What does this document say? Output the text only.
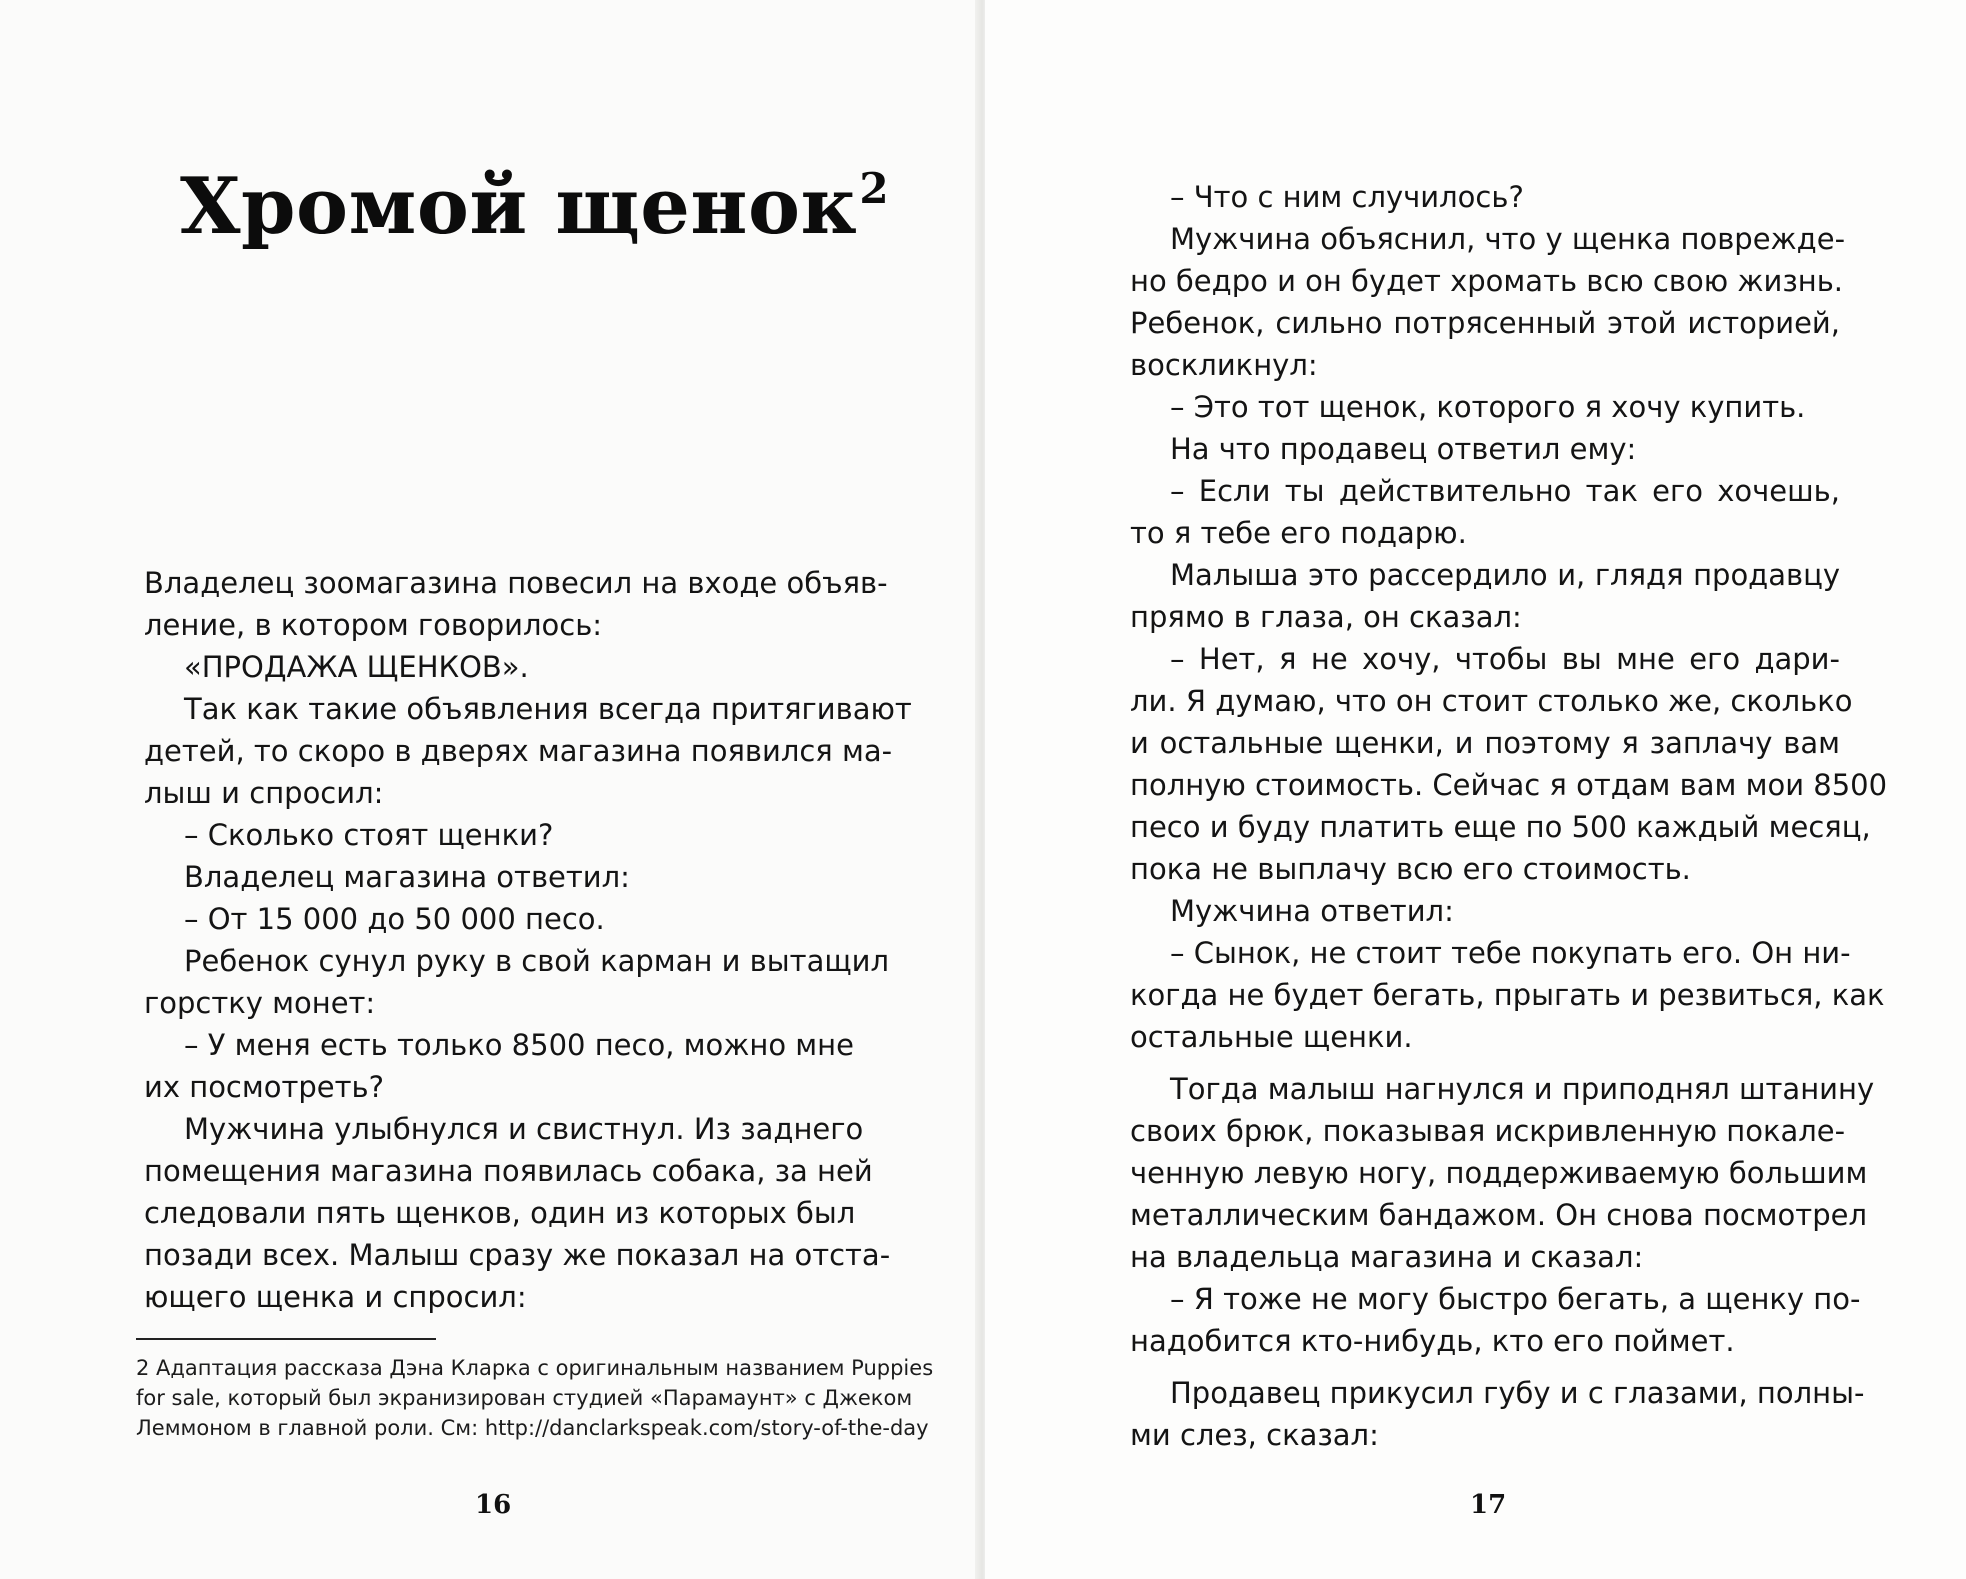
Хромой щенок$^2$
Владелец зоомагазина повесил на входе объяв-
ление, в котором говорилось:
«ПРОДАЖА ЩЕНКОВ».
Так как такие объявления всегда притягивают
детей, то скоро в дверях магазина появился ма-
лыш и спросил:
– Сколько стоят щенки?
Владелец магазина ответил:
– От 15 000 до 50 000 песо.
Ребенок сунул руку в свой карман и вытащил
горстку монет:
– У меня есть только 8500 песо, можно мне
их посмотреть?
Мужчина улыбнулся и свистнул. Из заднего
помещения магазина появилась собака, за ней
следовали пять щенков, один из которых был
позади всех. Малыш сразу же показал на отста-
ющего щенка и спросил:
2 Адаптация рассказа Дэна Кларка с оригинальным названием Puppies
for sale, который был экранизирован студией «Парамаунт» с Джеком
Леммоном в главной роли. См: http://danclarkspeak.com/story-of-the-day
16
– Что с ним случилось?
Мужчина объяснил, что у щенка поврежде-
но бедро и он будет хромать всю свою жизнь.
Ребенок, сильно потрясенный этой историей,
воскликнул:
– Это тот щенок, которого я хочу купить.
На что продавец ответил ему:
– Если ты действительно так его хочешь,
то я тебе его подарю.
Малыша это рассердило и, глядя продавцу
прямо в глаза, он сказал:
– Нет, я не хочу, чтобы вы мне его дари-
ли. Я думаю, что он стоит столько же, сколько
и остальные щенки, и поэтому я заплачу вам
полную стоимость. Сейчас я отдам вам мои 8500
песо и буду платить еще по 500 каждый месяц,
пока не выплачу всю его стоимость.
Мужчина ответил:
– Сынок, не стоит тебе покупать его. Он ни-
когда не будет бегать, прыгать и резвиться, как
остальные щенки.
Тогда малыш нагнулся и приподнял штанину
своих брюк, показывая искривленную покале-
ченную левую ногу, поддерживаемую большим
металлическим бандажом. Он снова посмотрел
на владельца магазина и сказал:
– Я тоже не могу быстро бегать, а щенку по-
надобится кто-нибудь, кто его поймет.
Продавец прикусил губу и с глазами, полны-
ми слез, сказал:
17
